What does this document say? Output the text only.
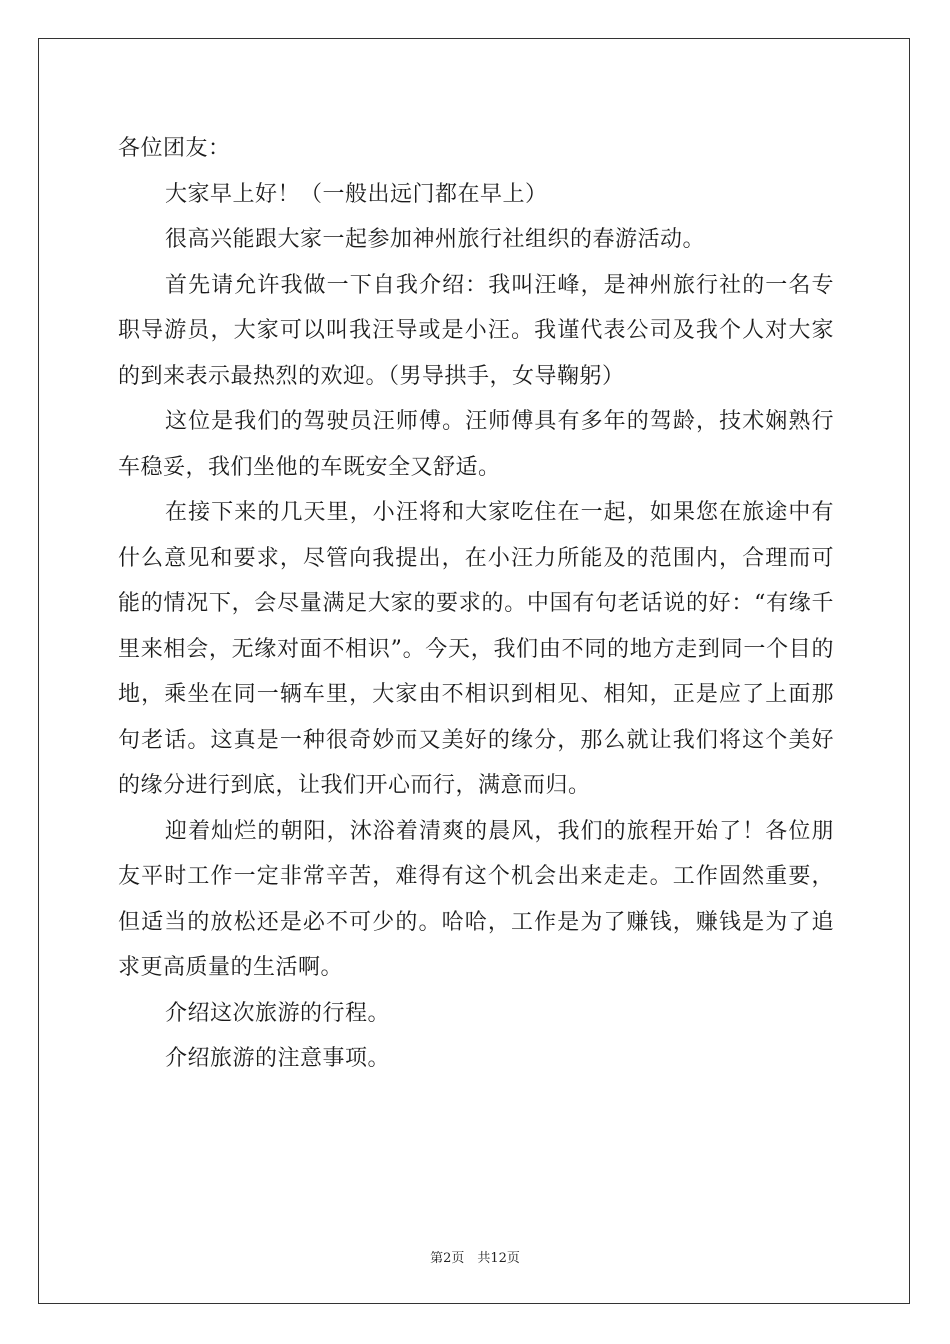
各位团友：

大家早上好！（一般出远门都在早上）

很高兴能跟大家一起参加神州旅行社组织的春游活动。

首先请允许我做一下自我介绍：我叫汪峰，是神州旅行社的一名专职导游员，大家可以叫我汪导或是小汪。我谨代表公司及我个人对大家的到来表示最热烈的欢迎。（男导拱手，女导鞠躬）

这位是我们的驾驶员汪师傅。汪师傅具有多年的驾龄，技术娴熟行车稳妥，我们坐他的车既安全又舒适。

在接下来的几天里，小汪将和大家吃住在一起，如果您在旅途中有什么意见和要求，尽管向我提出，在小汪力所能及的范围内，合理而可能的情况下，会尽量满足大家的要求的。中国有句老话说的好：“有缘千里来相会，无缘对面不相识”。今天，我们由不同的地方走到同一个目的地，乘坐在同一辆车里，大家由不相识到相见、相知，正是应了上面那句老话。这真是一种很奇妙而又美好的缘分，那么就让我们将这个美好的缘分进行到底，让我们开心而行，满意而归。

迎着灿烂的朝阳，沐浴着清爽的晨风，我们的旅程开始了！各位朋友平时工作一定非常辛苦，难得有这个机会出来走走。工作固然重要，但适当的放松还是必不可少的。哈哈，工作是为了赚钱，赚钱是为了追求更高质量的生活啊。

介绍这次旅游的行程。

介绍旅游的注意事项。

第2页　共12页
